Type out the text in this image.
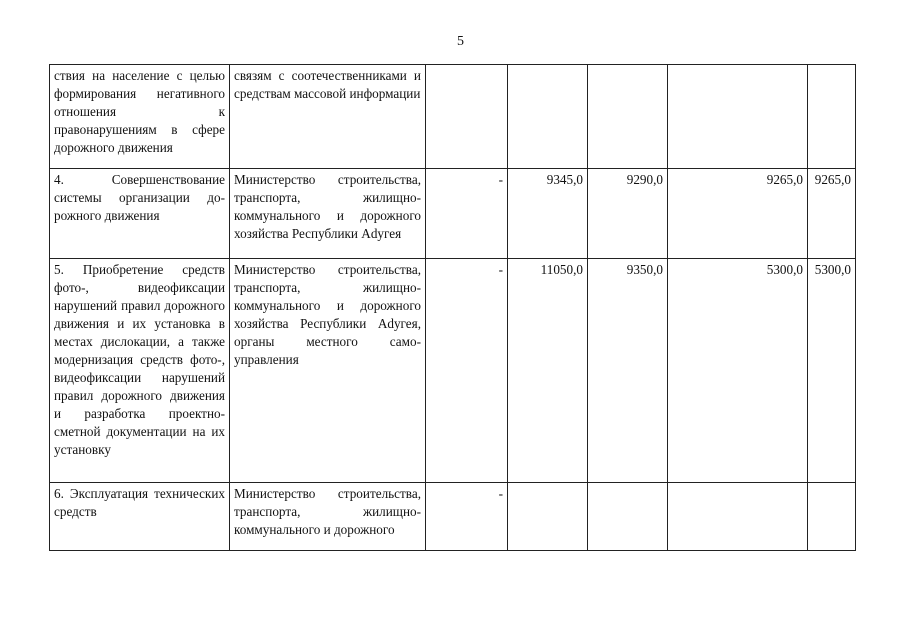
5
ствия на население с целью формирования негативного отношения к правонарушениям в сфере дорожного движения	связям с соотечественниками и средствам массовой информации					

4. Совершенствование системы организации дорожного движения	Министерство строительства, транспорта, жилищно-коммунального и дорожного хозяйства Республики Adyгея	-	9345,0	9290,0	9265,0	9265,0

5. Приобретение средств фото-, видеофиксации нарушений правил дорожного движения и их установка в местах дислокации, а также модернизация средств фото-, видеофиксации нарушений правил дорожного движения и разработка проектно-сметной документации на их установку	Министерство строительства, транспорта, жилищно-коммунального и дорожного хозяйства Республики Adyгея, органы местного самоуправления	-	11050,0	9350,0	5300,0	5300,0

6. Эксплуатация технических средств	Министерство строительства, транспорта, жилищно-коммунального и дорожного	-				
